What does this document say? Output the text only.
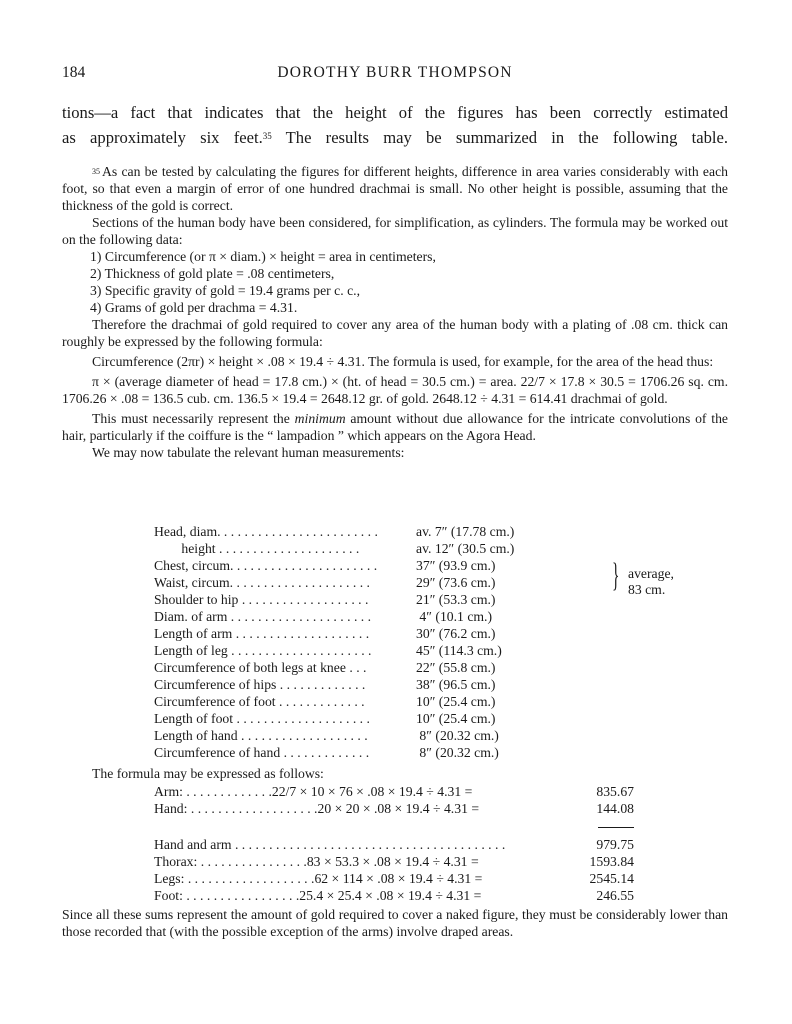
184	DOROTHY BURR THOMPSON
tions—a fact that indicates that the height of the figures has been correctly estimated
as approximately six feet.$^{35}$ The results may be summarized in the following table.

$^{35}$ As can be tested by calculating the figures for different heights, difference in area varies considerably with each foot, so that even a margin of error of one hundred drachmai is small. No other height is possible, assuming that the thickness of the gold is correct.

Sections of the human body have been considered, for simplification, as cylinders. The formula may be worked out on the following data:

1) Circumference (or π × diam.) × height = area in centimeters,
2) Thickness of gold plate = .08 centimeters,
3) Specific gravity of gold = 19.4 grams per c. c.,
4) Grams of gold per drachma = 4.31.

Therefore the drachmai of gold required to cover any area of the human body with a plating of .08 cm. thick can roughly be expressed by the following formula:

Circumference (2πr) × height × .08 × 19.4 ÷ 4.31. The formula is used, for example, for the area of the head thus:

π × (average diameter of head = 17.8 cm.) × (ht. of head = 30.5 cm.) = area. 22/7 × 17.8 × 30.5 = 1706.26 sq. cm. 1706.26 × .08 = 136.5 cub. cm. 136.5 × 19.4 = 2648.12 gr. of gold. 2648.12 ÷ 4.31 = 614.41 drachmai of gold.

This must necessarily represent the minimum amount without due allowance for the intricate convolutions of the hair, particularly if the coiffure is the “ lampadion ” which appears on the Agora Head.

We may now tabulate the relevant human measurements:

Head, diam. . . . . . . . . . . . . . . . . . . . . . . .	av. 7″ (17.78 cm.)
height . . . . . . . . . . . . . . . . . . . . .	av. 12″ (30.5 cm.)
Chest, circum. . . . . . . . . . . . . . . . . . . . . .	37″ (93.9 cm.)
Waist, circum. . . . . . . . . . . . . . . . . . . . .	29″ (73.6 cm.)
Shoulder to hip . . . . . . . . . . . . . . . . . . .	21″ (53.3 cm.)
Diam. of arm . . . . . . . . . . . . . . . . . . . . .	4″ (10.1 cm.)
Length of arm . . . . . . . . . . . . . . . . . . . .	30″ (76.2 cm.)
Length of leg . . . . . . . . . . . . . . . . . . . . .	45″ (114.3 cm.)
Circumference of both legs at knee . . .	22″ (55.8 cm.)
Circumference of hips . . . . . . . . . . . . .	38″ (96.5 cm.)
Circumference of foot . . . . . . . . . . . . .	10″ (25.4 cm.)
Length of foot . . . . . . . . . . . . . . . . . . . .	10″ (25.4 cm.)
Length of hand . . . . . . . . . . . . . . . . . . .	8″ (20.32 cm.)
Circumference of hand . . . . . . . . . . . . .	8″ (20.32 cm.)
} average, 83 cm.
The formula may be expressed as follows:
Arm: . . . . . . . . . . . . .22/7 × 10 × 76 × .08 × 19.4 ÷ 4.31 =	835.67
Hand: . . . . . . . . . . . . . . . . . . .20 × 20 × .08 × 19.4 ÷ 4.31 =	144.08
Hand and arm . . . . . . . . . . . . . . . . . . . . . . . . . . . . . . . . . . . . . . . .	979.75
Thorax: . . . . . . . . . . . . . . . .83 × 53.3 × .08 × 19.4 ÷ 4.31 =	1593.84
Legs: . . . . . . . . . . . . . . . . . . .62 × 114 × .08 × 19.4 ÷ 4.31 =	2545.14
Foot: . . . . . . . . . . . . . . . . .25.4 × 25.4 × .08 × 19.4 ÷ 4.31 =	246.55

Since all these sums represent the amount of gold required to cover a naked figure, they must be considerably lower than those recorded that (with the possible exception of the arms) involve draped areas.
